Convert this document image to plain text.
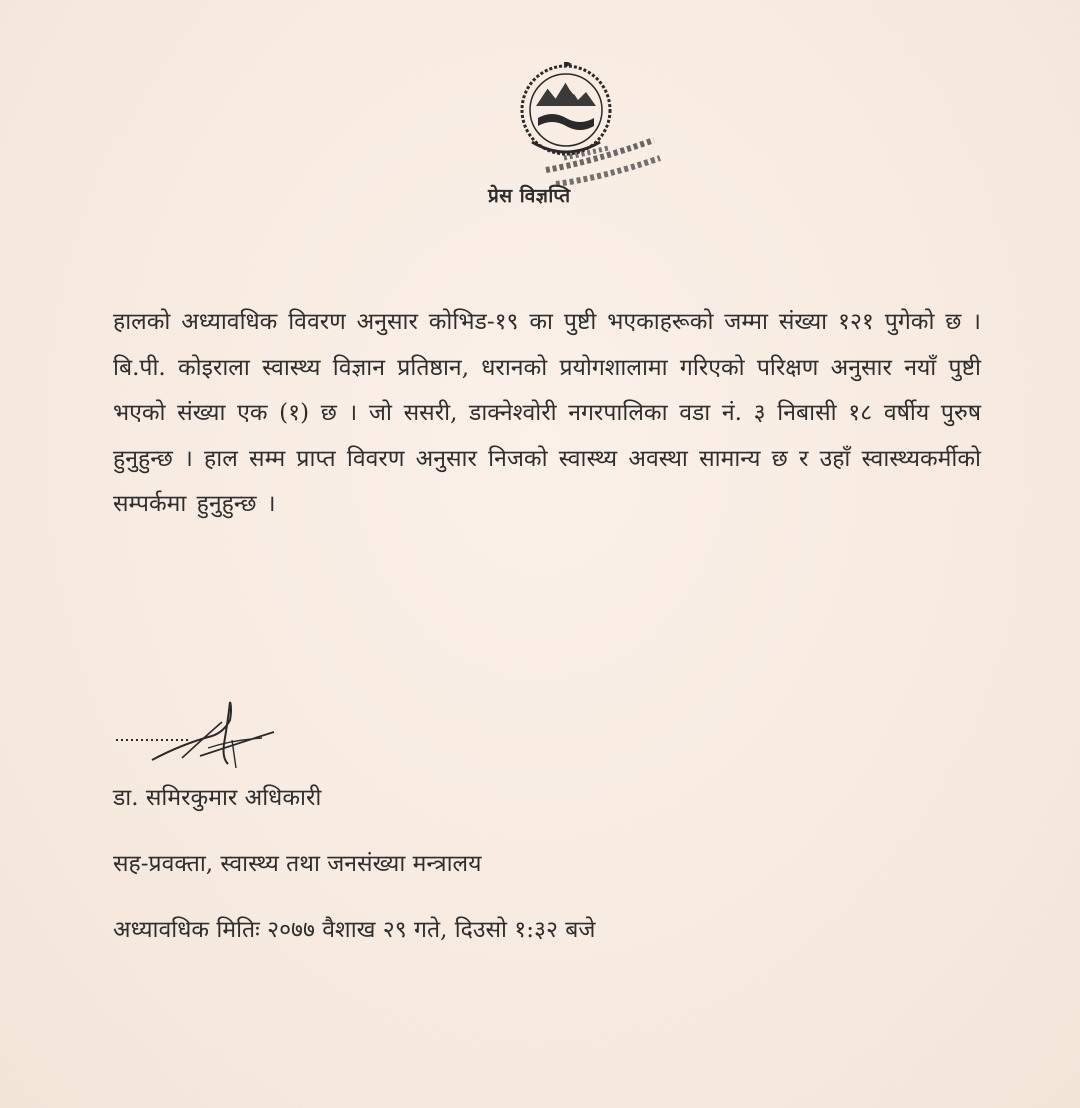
प्रेस विज्ञप्ति
हालको अध्यावधिक विवरण अनुसार कोभिड-१९ का पुष्टी भएकाहरूको जम्मा संख्या १२१ पुगेको छ । बि.पी. कोइराला स्वास्थ्य विज्ञान प्रतिष्ठान, धरानको प्रयोगशालामा गरिएको परिक्षण अनुसार नयाँ पुष्टी भएको संख्या एक (१) छ । जो ससरी, डाक्नेश्वोरी नगरपालिका वडा नं. ३ निबासी १८ वर्षीय पुरुष हुनुहुन्छ । हाल सम्म प्राप्त विवरण अनुसार निजको स्वास्थ्य अवस्था सामान्य छ र उहाँ स्वास्थ्यकर्मीको सम्पर्कमा हुनुहुन्छ ।
डा. समिरकुमार अधिकारी
सह-प्रवक्ता, स्वास्थ्य तथा जनसंख्या मन्त्रालय
अध्यावधिक मितिः २०७७ वैशाख २९ गते, दिउसो १:३२ बजे
